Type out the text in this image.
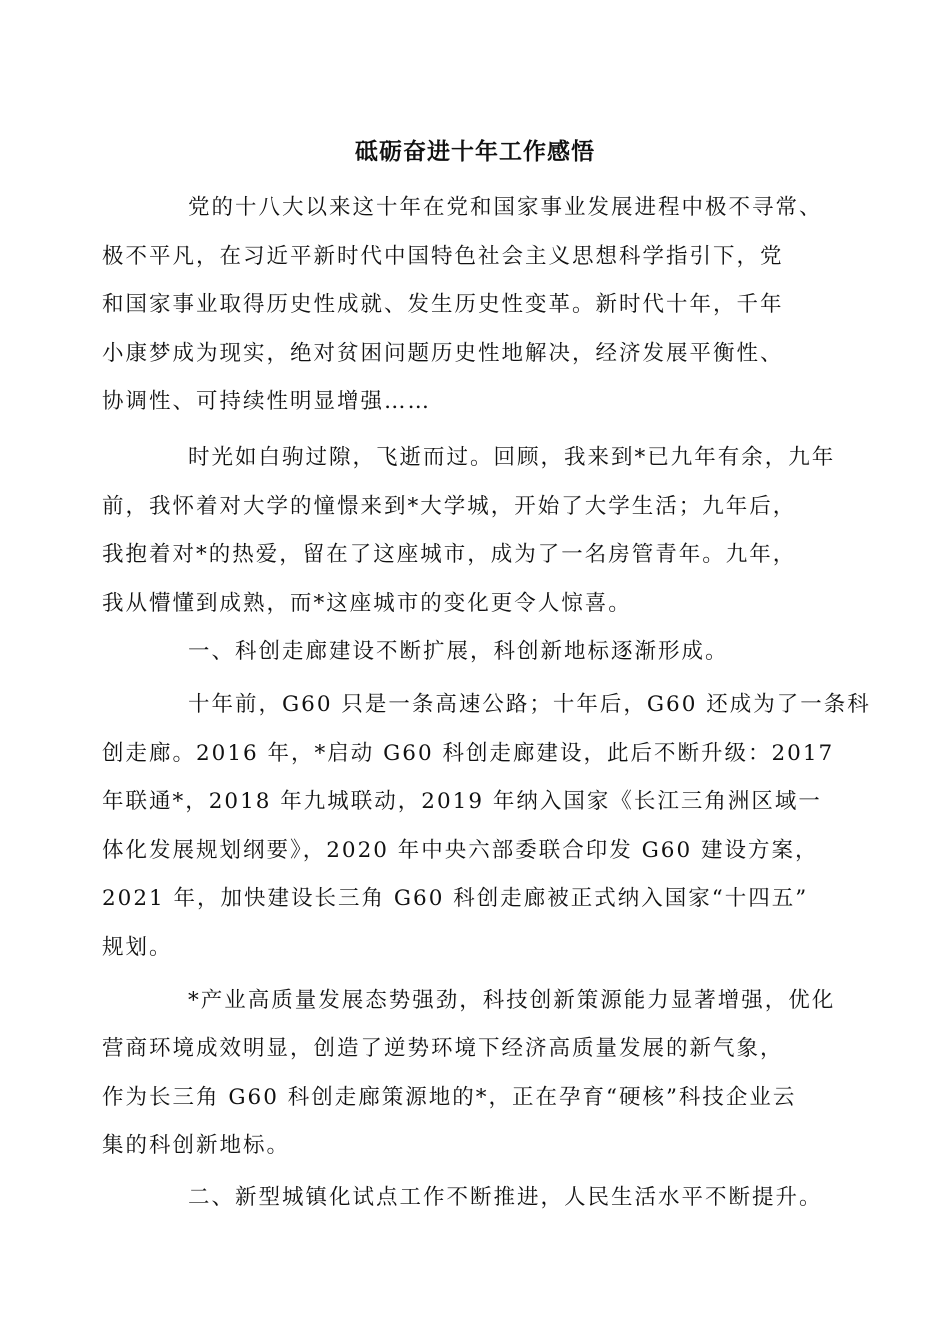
砥砺奋进十年工作感悟

党的十八大以来这十年在党和国家事业发展进程中极不寻常、
极不平凡，在习近平新时代中国特色社会主义思想科学指引下，党
和国家事业取得历史性成就、发生历史性变革。新时代十年，千年
小康梦成为现实，绝对贫困问题历史性地解决，经济发展平衡性、
协调性、可持续性明显增强……

时光如白驹过隙，飞逝而过。回顾，我来到*已九年有余，九年
前，我怀着对大学的憧憬来到*大学城，开始了大学生活；九年后，
我抱着对*的热爱，留在了这座城市，成为了一名房管青年。九年，
我从懵懂到成熟，而*这座城市的变化更令人惊喜。

一、科创走廊建设不断扩展，科创新地标逐渐形成。

十年前，G60 只是一条高速公路；十年后，G60 还成为了一条科
创走廊。2016 年，*启动 G60 科创走廊建设，此后不断升级：2017
年联通*，2018 年九城联动，2019 年纳入国家《长江三角洲区域一
体化发展规划纲要》，2020 年中央六部委联合印发 G60 建设方案，
2021 年，加快建设长三角 G60 科创走廊被正式纳入国家“十四五”
规划。

*产业高质量发展态势强劲，科技创新策源能力显著增强，优化
营商环境成效明显，创造了逆势环境下经济高质量发展的新气象，
作为长三角 G60 科创走廊策源地的*，正在孕育“硬核”科技企业云
集的科创新地标。

二、新型城镇化试点工作不断推进，人民生活水平不断提升。
